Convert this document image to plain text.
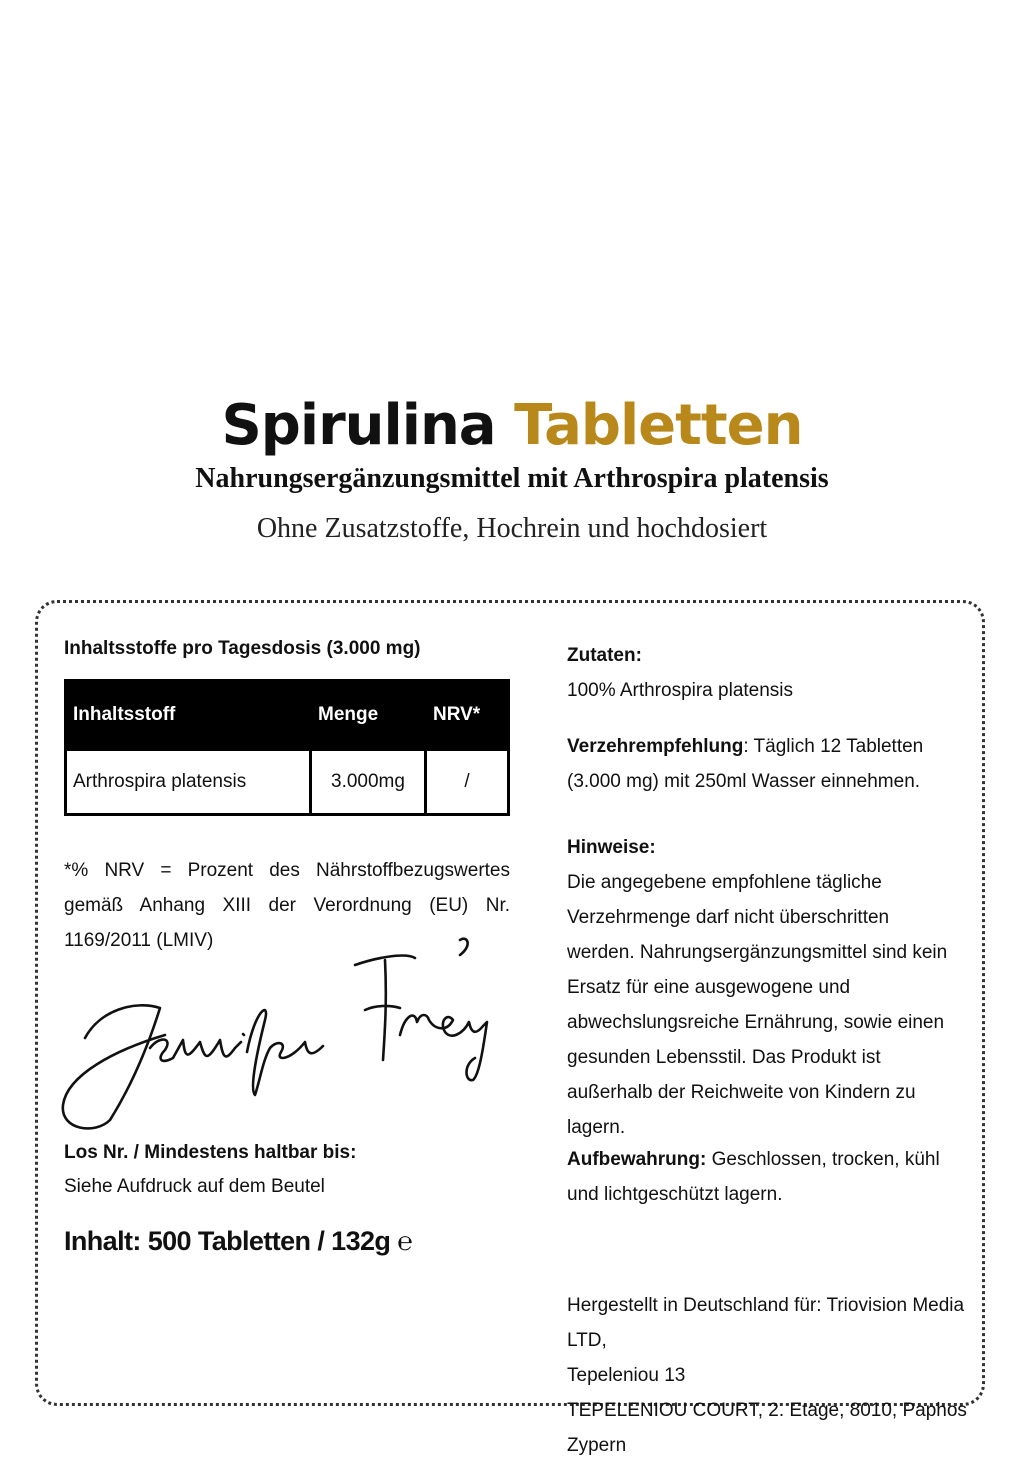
Spirulina Tabletten
Nahrungsergänzungsmittel mit Arthrospira platensis
Ohne Zusatzstoffe, Hochrein und hochdosiert
Inhaltsstoffe pro Tagesdosis (3.000 mg)
Inhaltsstoff	Menge	NRV*
Arthrospira platensis	3.000mg	/
*% NRV = Prozent des Nährstoffbezugswertes gemäß Anhang XIII der Verordnung (EU) Nr. 1169/2011 (LMIV)
Los Nr. / Mindestens haltbar bis:
Siehe Aufdruck auf dem Beutel
Inhalt: 500 Tabletten / 132g ℮
Zutaten:
100% Arthrospira platensis
Verzehrempfehlung: Täglich 12 Tabletten (3.000 mg) mit 250ml Wasser einnehmen.
Hinweise:
Die angegebene empfohlene tägliche Verzehrmenge darf nicht überschritten werden. Nahrungsergänzungsmittel sind kein Ersatz für eine ausgewogene und abwechslungsreiche Ernährung, sowie einen gesunden Lebensstil. Das Produkt ist außerhalb der Reichweite von Kindern zu lagern.
Aufbewahrung: Geschlossen, trocken, kühl und lichtgeschützt lagern.
Hergestellt in Deutschland für: Triovision Media LTD,
Tepeleniou 13
TEPELENIOU COURT, 2. Etage, 8010, Paphos Zypern
